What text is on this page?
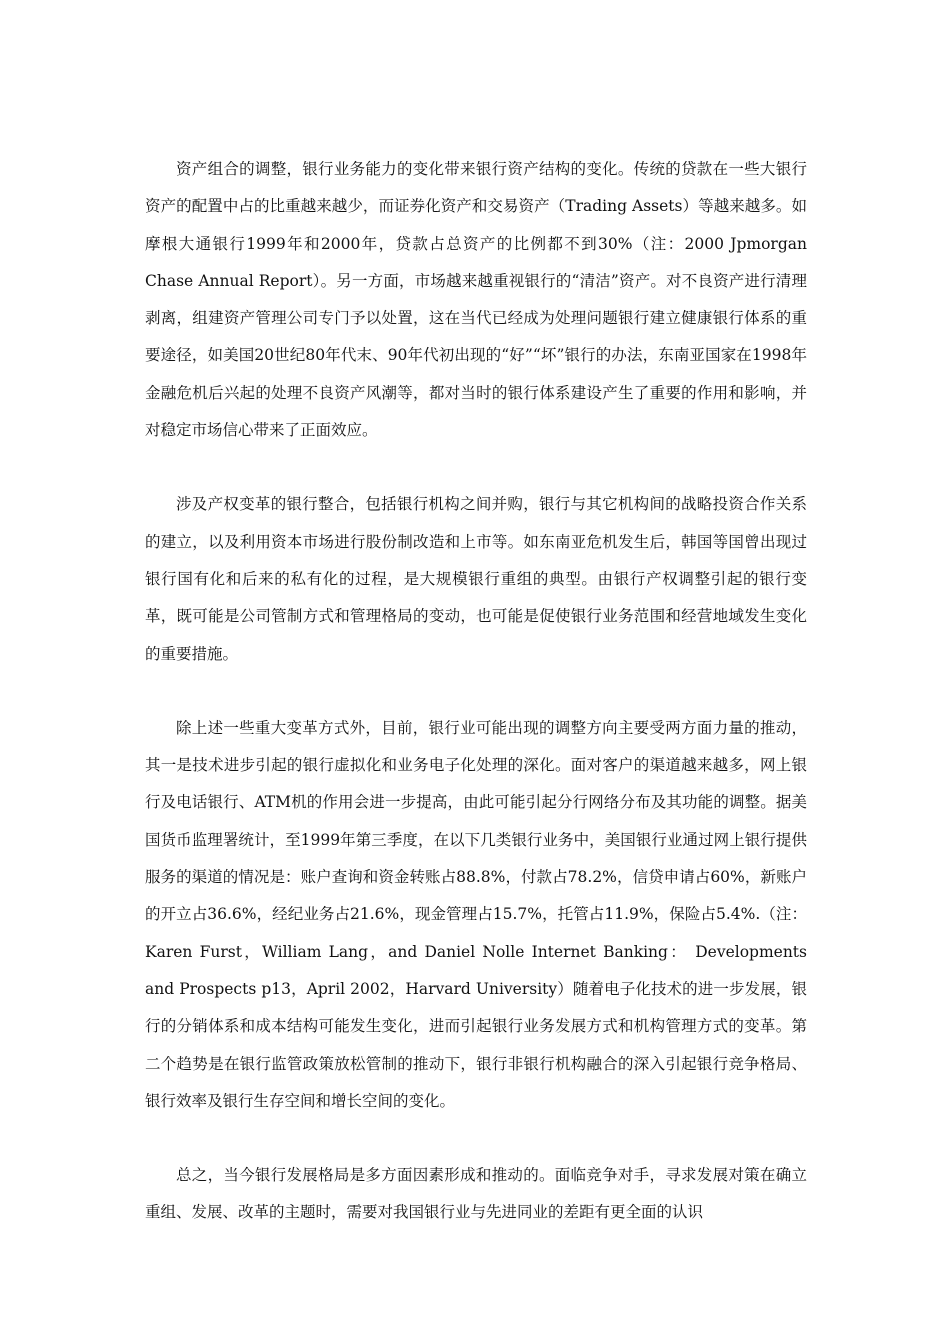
资产组合的调整，银行业务能力的变化带来银行资产结构的变化。传统的贷款在一些大银行资产的配置中占的比重越来越少，而证券化资产和交易资产（Trading Assets）等越来越多。如摩根大通银行1999年和2000年，贷款占总资产的比例都不到30%（注：2000 Jpmorgan Chase Annual Report）。另一方面，市场越来越重视银行的“清洁”资产。对不良资产进行清理剥离，组建资产管理公司专门予以处置，这在当代已经成为处理问题银行建立健康银行体系的重要途径，如美国20世纪80年代末、90年代初出现的“好”“坏”银行的办法，东南亚国家在1998年金融危机后兴起的处理不良资产风潮等，都对当时的银行体系建设产生了重要的作用和影响，并对稳定市场信心带来了正面效应。

涉及产权变革的银行整合，包括银行机构之间并购，银行与其它机构间的战略投资合作关系的建立，以及利用资本市场进行股份制改造和上市等。如东南亚危机发生后，韩国等国曾出现过银行国有化和后来的私有化的过程，是大规模银行重组的典型。由银行产权调整引起的银行变革，既可能是公司管制方式和管理格局的变动，也可能是促使银行业务范围和经营地域发生变化的重要措施。

除上述一些重大变革方式外，目前，银行业可能出现的调整方向主要受两方面力量的推动，其一是技术进步引起的银行虚拟化和业务电子化处理的深化。面对客户的渠道越来越多，网上银行及电话银行、ATM机的作用会进一步提高，由此可能引起分行网络分布及其功能的调整。据美国货币监理署统计，至1999年第三季度，在以下几类银行业务中，美国银行业通过网上银行提供服务的渠道的情况是：账户查询和资金转账占88.8%，付款占78.2%，信贷申请占60%，新账户的开立占36.6%，经纪业务占21.6%，现金管理占15.7%，托管占11.9%，保险占5.4%.（注：Karen Furst，William Lang，and Daniel Nolle Internet Banking： Developments and Prospects p13，April 2002，Harvard University）随着电子化技术的进一步发展，银行的分销体系和成本结构可能发生变化，进而引起银行业务发展方式和机构管理方式的变革。第二个趋势是在银行监管政策放松管制的推动下，银行非银行机构融合的深入引起银行竞争格局、银行效率及银行生存空间和增长空间的变化。

总之，当今银行发展格局是多方面因素形成和推动的。面临竞争对手，寻求发展对策在确立重组、发展、改革的主题时，需要对我国银行业与先进同业的差距有更全面的认识
